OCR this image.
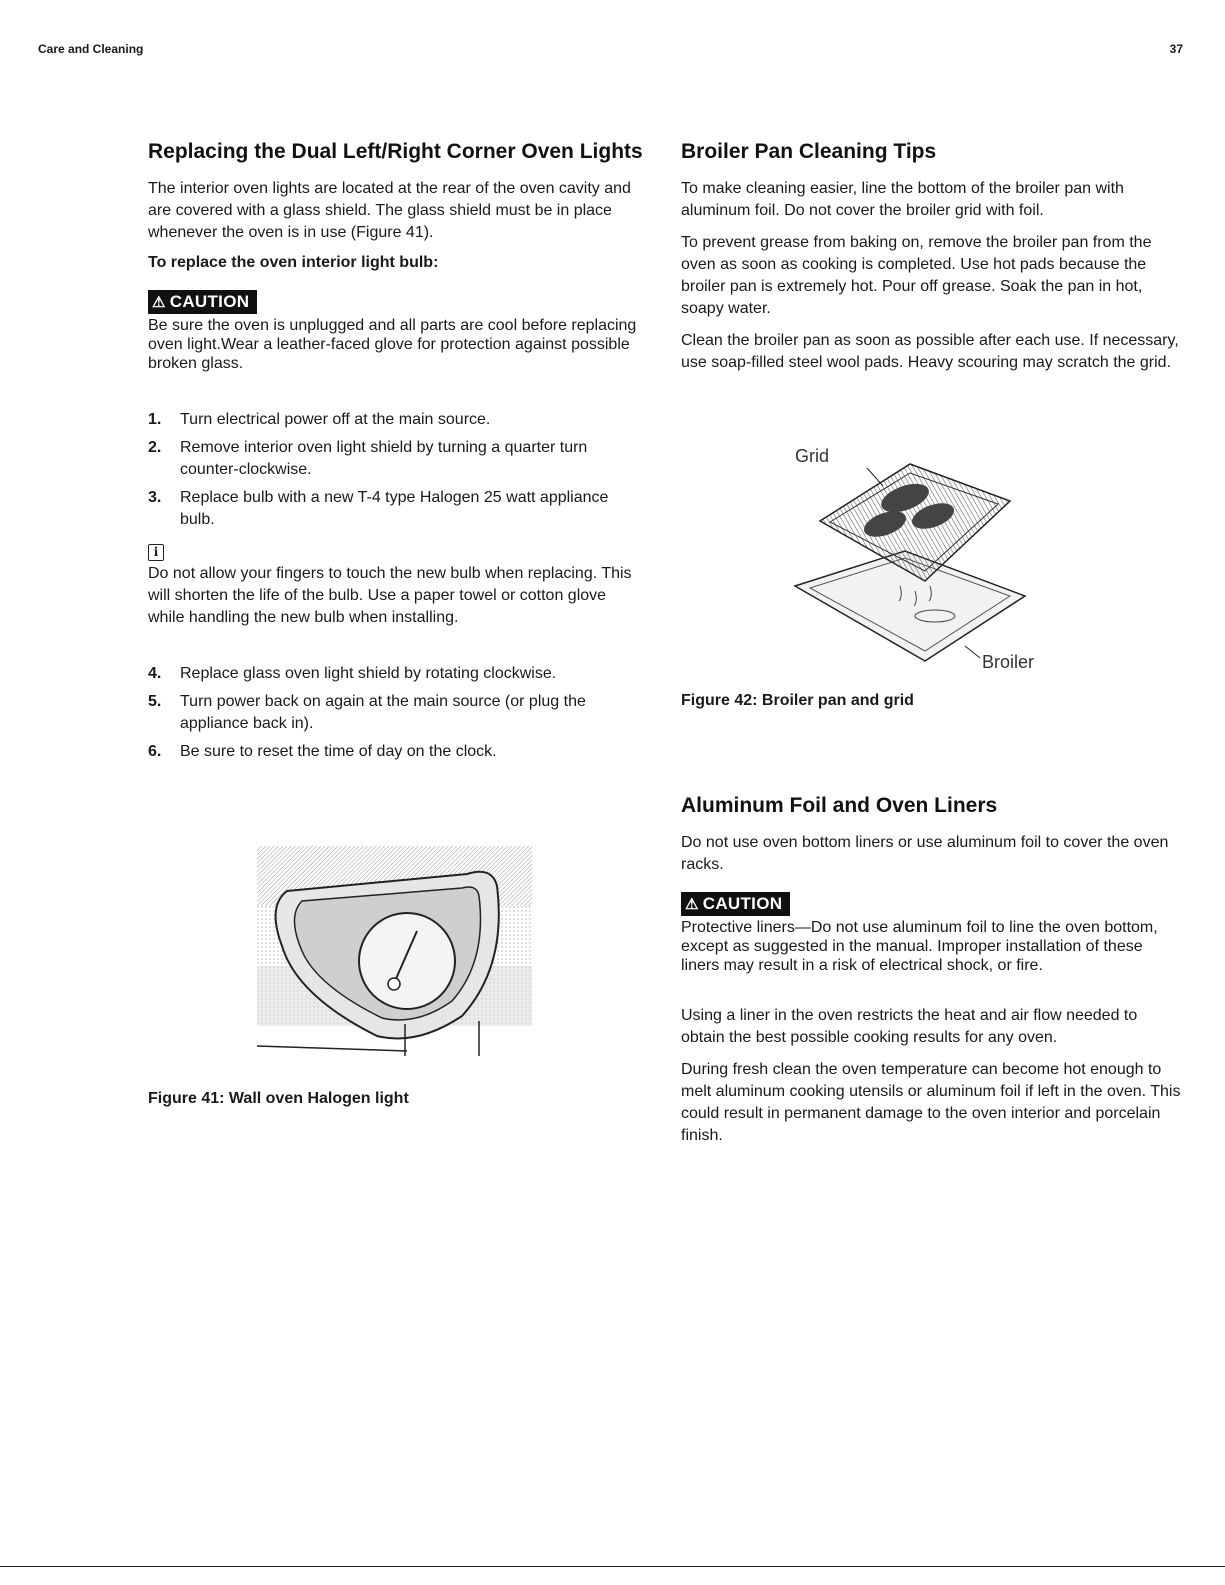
Care and Cleaning	37
Replacing the Dual Left/Right Corner Oven Lights

The interior oven lights are located at the rear of the oven cavity and are covered with a glass shield. The glass shield must be in place whenever the oven is in use (Figure 41).

To replace the oven interior light bulb:
⚠ CAUTION
Be sure the oven is unplugged and all parts are cool before replacing oven light.Wear a leather-faced glove for protection against possible broken glass.
1. Turn electrical power off at the main source.
2. Remove interior oven light shield by turning a quarter turn counter-clockwise.
3. Replace bulb with a new T-4 type Halogen 25 watt appliance bulb.
i

Do not allow your fingers to touch the new bulb when replacing. This will shorten the life of the bulb. Use a paper towel or cotton glove while handling the new bulb when installing.

4. Replace glass oven light shield by rotating clockwise.
5. Turn power back on again at the main source (or plug the appliance back in).
6. Be sure to reset the time of day on the clock.
Figure 41: Wall oven Halogen light
Broiler Pan Cleaning Tips

To make cleaning easier, line the bottom of the broiler pan with aluminum foil. Do not cover the broiler grid with foil.

To prevent grease from baking on, remove the broiler pan from the oven as soon as cooking is completed. Use hot pads because the broiler pan is extremely hot. Pour off grease. Soak the pan in hot, soapy water.

Clean the broiler pan as soon as possible after each use. If necessary, use soap-filled steel wool pads. Heavy scouring may scratch the grid.

Grid
Broiler
Figure 42: Broiler pan and grid
Aluminum Foil and Oven Liners

Do not use oven bottom liners or use aluminum foil to cover the oven racks.

⚠ CAUTION
Protective liners—Do not use aluminum foil to line the oven bottom, except as suggested in the manual. Improper installation of these liners may result in a risk of electrical shock, or fire.

Using a liner in the oven restricts the heat and air flow needed to obtain the best possible cooking results for any oven.

During fresh clean the oven temperature can become hot enough to melt aluminum cooking utensils or aluminum foil if left in the oven. This could result in permanent damage to the oven interior and porcelain finish.
